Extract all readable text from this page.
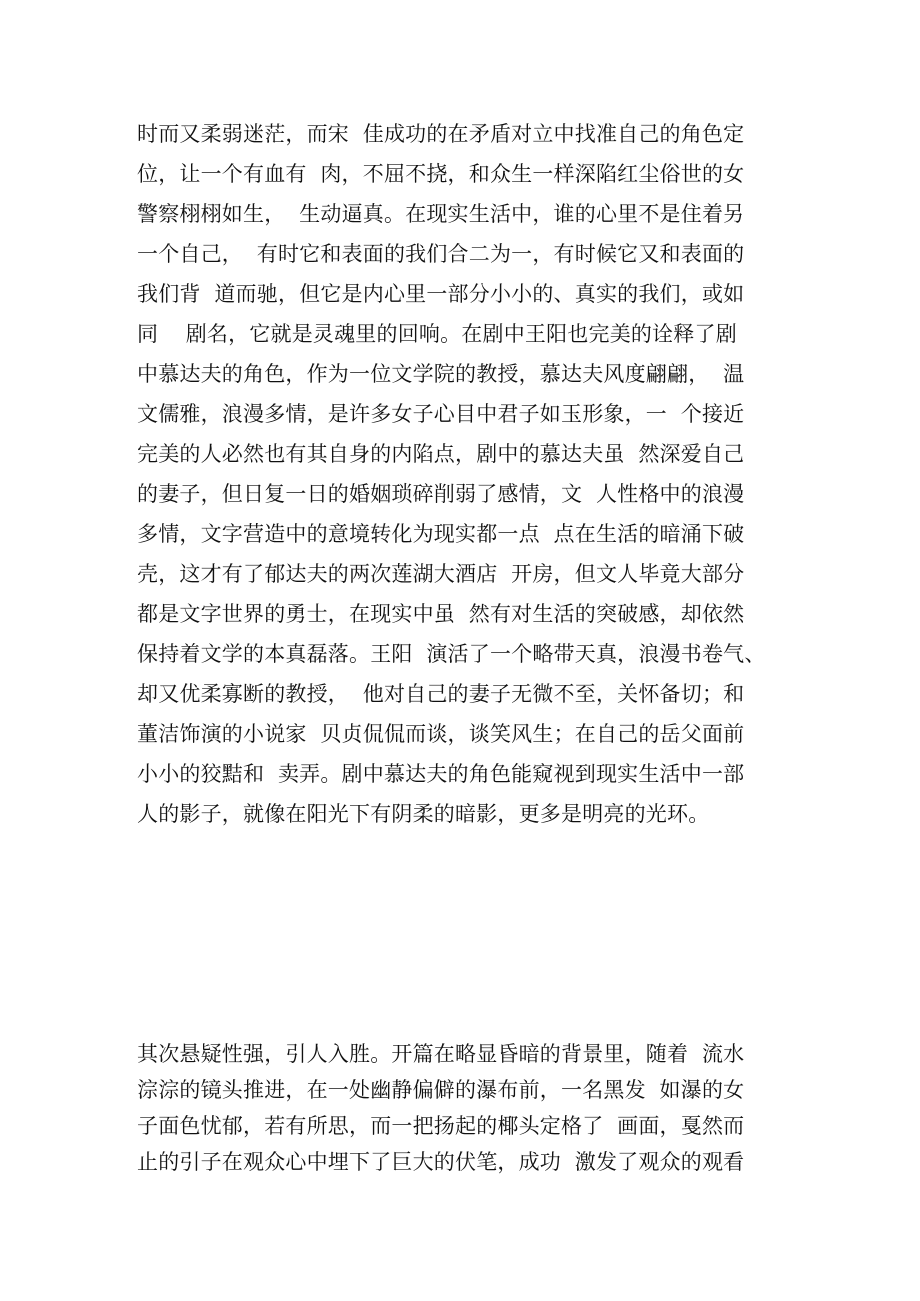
时而又柔弱迷茫，而宋  佳成功的在矛盾对立中找准自己的角色定
位，让一个有血有  肉，不屈不挠，和众生一样深陷红尘俗世的女
警察栩栩如生，  生动逼真。在现实生活中，谁的心里不是住着另
一个自己，  有时它和表面的我们合二为一，有时候它又和表面的
我们背  道而驰，但它是内心里一部分小小的、真实的我们，或如
同    剧名，它就是灵魂里的回响。在剧中王阳也完美的诠释了剧
中慕达夫的角色，作为一位文学院的教授，慕达夫风度翩翩，  温
文儒雅，浪漫多情，是许多女子心目中君子如玉形象，一  个接近
完美的人必然也有其自身的内陷点，剧中的慕达夫虽  然深爱自己
的妻子，但日复一日的婚姻琐碎削弱了感情，文  人性格中的浪漫
多情，文字营造中的意境转化为现实都一点  点在生活的暗涌下破
壳，这才有了郁达夫的两次莲湖大酒店  开房，但文人毕竟大部分
都是文字世界的勇士，在现实中虽  然有对生活的突破感，却依然
保持着文学的本真磊落。王阳  演活了一个略带天真，浪漫书卷气、
却又优柔寡断的教授，  他对自己的妻子无微不至，关怀备切；和
董洁饰演的小说家  贝贞侃侃而谈，谈笑风生；在自己的岳父面前
小小的狡黠和  卖弄。剧中慕达夫的角色能窥视到现实生活中一部
人的影子，就像在阳光下有阴柔的暗影，更多是明亮的光环。
其次悬疑性强，引人入胜。开篇在略显昏暗的背景里，随着  流水
淙淙的镜头推进，在一处幽静偏僻的瀑布前，一名黑发  如瀑的女
子面色忧郁，若有所思，而一把扬起的椰头定格了  画面，戛然而
止的引子在观众心中埋下了巨大的伏笔，成功  激发了观众的观看
